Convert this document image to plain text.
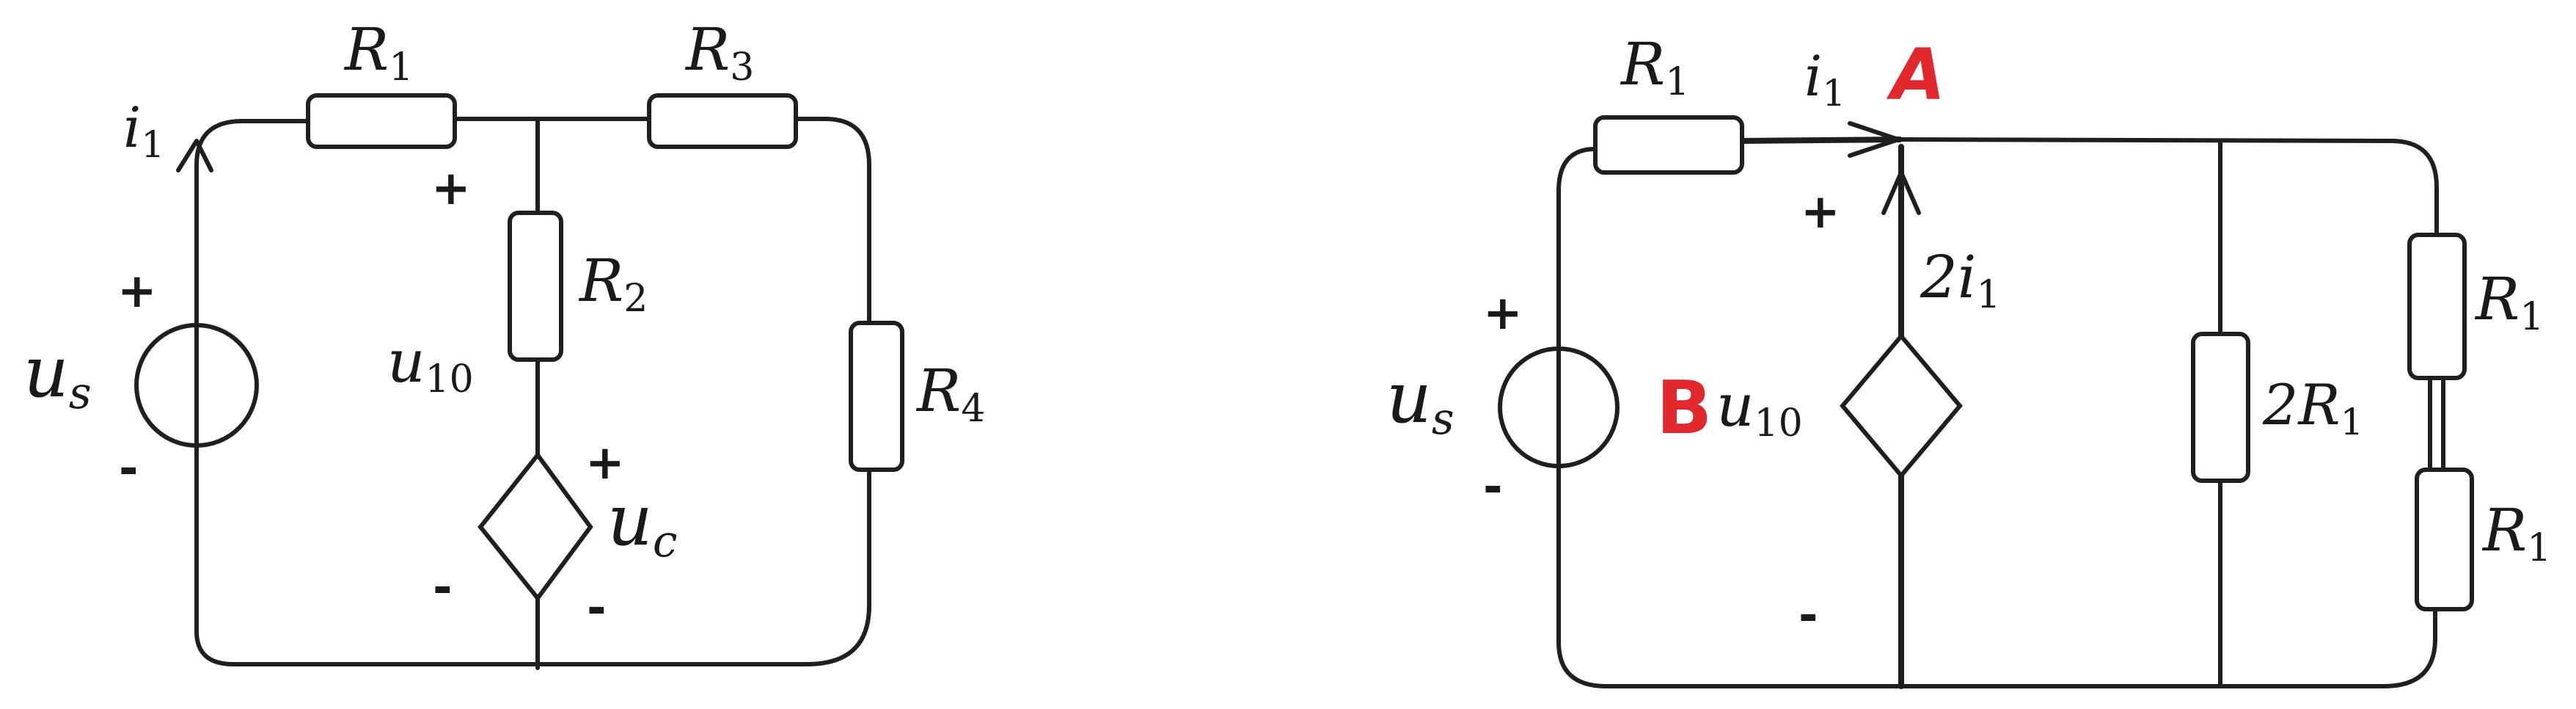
R1	R3
R2
R4
i1
us	u10
uc
+
-
+
+
-	-
R1 i1 A
B
2i1
us	u10	2R1
R1
R1
+
-
+
-
